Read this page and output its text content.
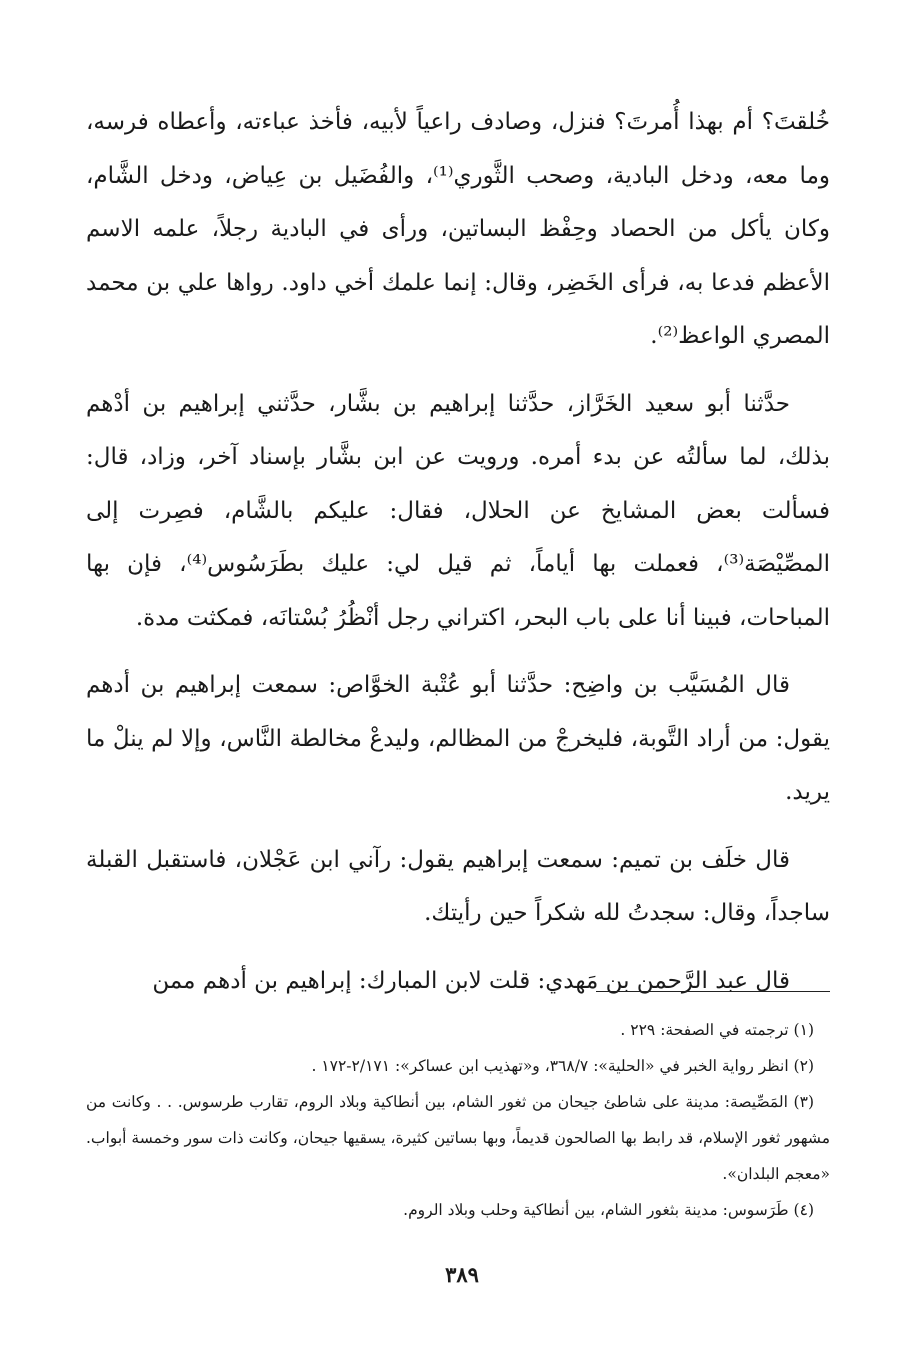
خُلقتَ؟ أم بهذا أُمرتَ؟ فنزل، وصادف راعياً لأبيه، فأخذ عباءته، وأعطاه فرسه، وما معه، ودخل البادية، وصحب الثَّوري⁽¹⁾، والفُضَيل بن عِياض، ودخل الشَّام، وكان يأكل من الحصاد وحِفْظ البساتين، ورأى في البادية رجلاً، علمه الاسم الأعظم فدعا به، فرأى الخَضِر، وقال: إنما علمك أخي داود. رواها علي بن محمد المصري الواعظ⁽²⁾.

حدَّثنا أبو سعيد الخَرَّاز، حدَّثنا إبراهيم بن بشَّار، حدَّثني إبراهيم بن أدْهم بذلك، لما سألتُه عن بدء أمره. ورويت عن ابن بشَّار بإسناد آخر، وزاد، قال: فسألت بعض المشايخ عن الحلال، فقال: عليكم بالشَّام، فصِرت إلى المصِّيْصَة⁽³⁾، فعملت بها أياماً، ثم قيل لي: عليك بطَرَسُوس⁽⁴⁾، فإن بها المباحات، فبينا أنا على باب البحر، اكتراني رجل أنْظُرُ بُسْتانَه، فمكثت مدة.

قال المُسَيَّب بن واضِح: حدَّثنا أبو عُتْبة الخوَّاص: سمعت إبراهيم بن أدهم يقول: من أراد التَّوبة، فليخرجْ من المظالم، وليدعْ مخالطة النَّاس، وإلا لم ينلْ ما يريد.

قال خلَف بن تميم: سمعت إبراهيم يقول: رآني ابن عَجْلان، فاستقبل القبلة ساجداً، وقال: سجدتُ لله شكراً حين رأيتك.

قال عبد الرَّحمن بن مَهدي: قلت لابن المبارك: إبراهيم بن أدهم ممن

(١) ترجمته في الصفحة: ٢٢٩ .

(٢) انظر رواية الخبر في «الحلية»: ٣٦٨/٧، و«تهذيب ابن عساكر»: ٢/١٧١-١٧٢ .

(٣) المَصِّيصة: مدينة على شاطئ جيحان من ثغور الشام، بين أنطاكية وبلاد الروم، تقارب طرسوس. . . وكانت من مشهور ثغور الإسلام، قد رابط بها الصالحون قديماً، وبها بساتين كثيرة، يسقيها جيحان، وكانت ذات سور وخمسة أبواب. «معجم البلدان».

(٤) طَرَسوس: مدينة بثغور الشام، بين أنطاكية وحلب وبلاد الروم.

٣٨٩
